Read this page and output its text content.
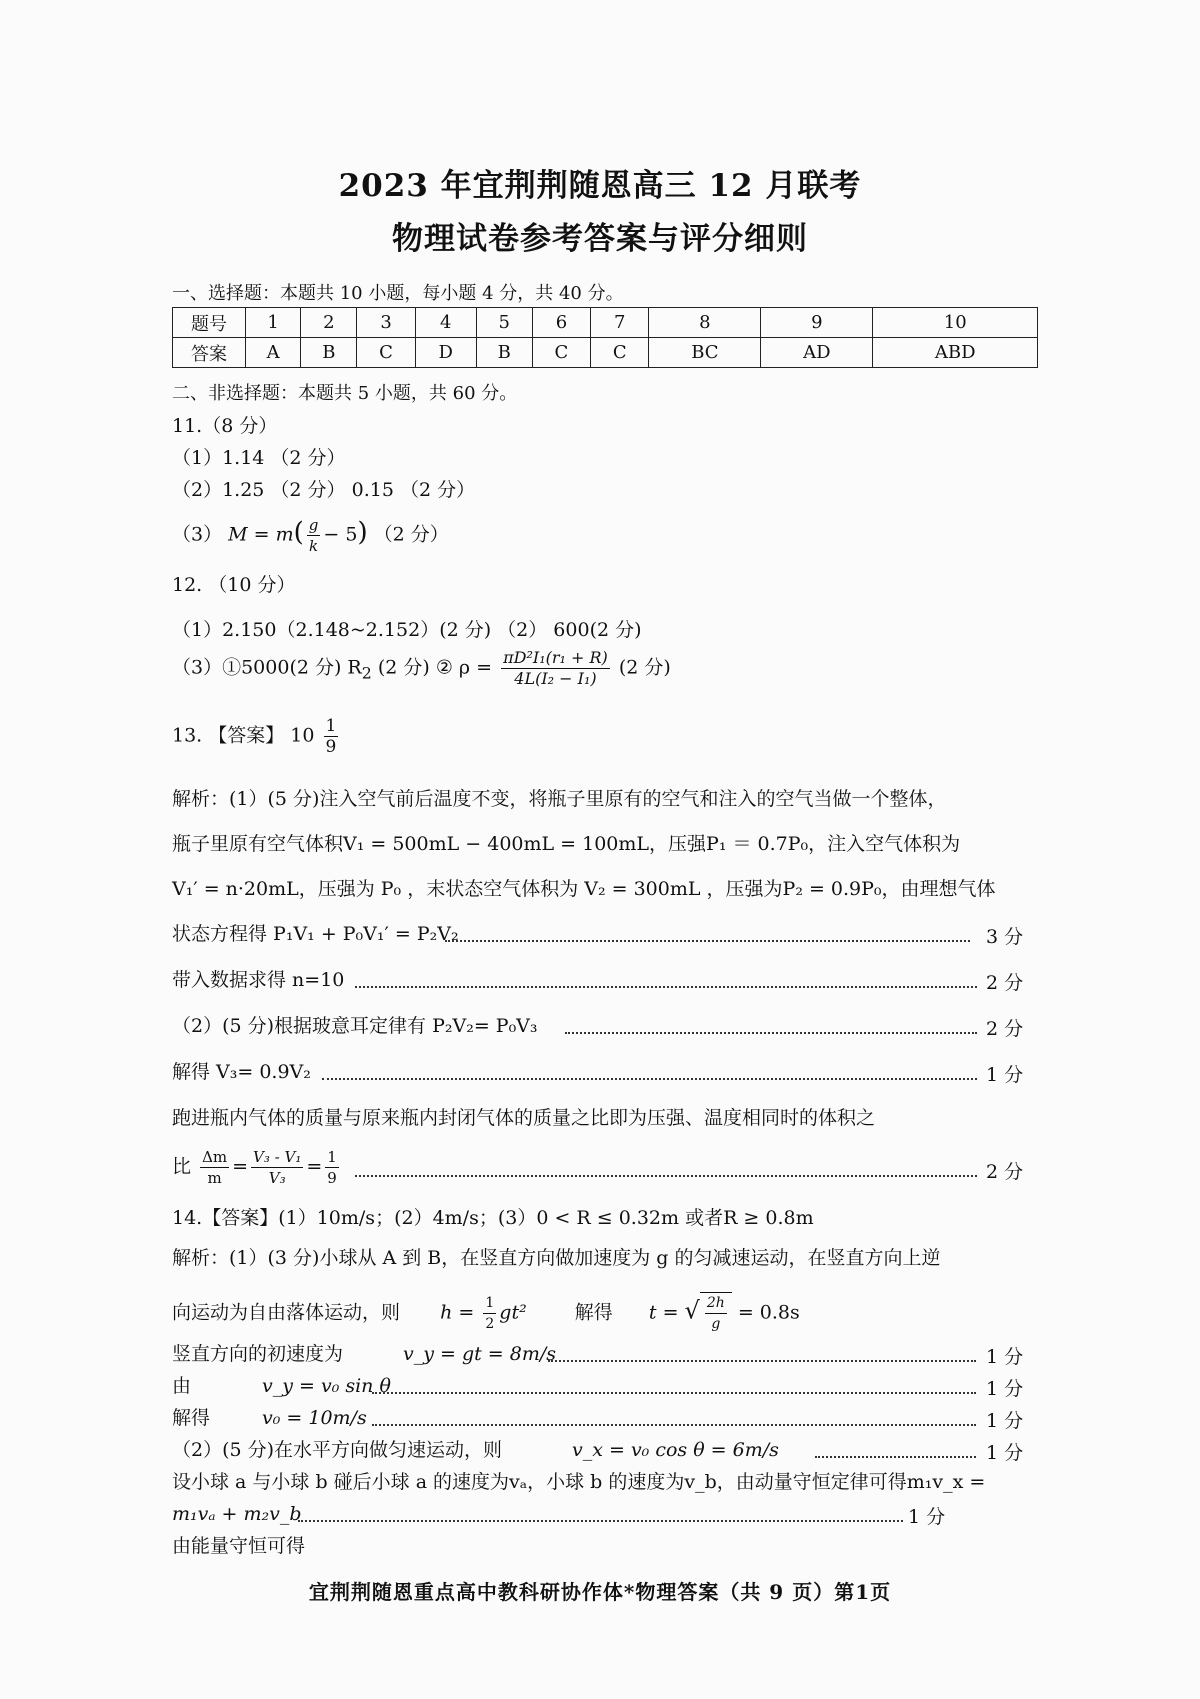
2023 年宜荆荆随恩高三 12 月联考
物理试卷参考答案与评分细则
一、选择题：本题共 10 小题，每小题 4 分，共 40 分。
题号	1	2	3	4	5	6	7	8	9	10
答案	A	B	C	D	B	C	C	BC	AD	ABD
二、非选择题：本题共 5 小题，共 60 分。
11.（8 分）
（1）1.14 （2 分）
（2）1.25 （2 分） 0.15 （2 分）
（3） $M = m( \frac{g}{k} - 5)$ （2 分）
12. （10 分）
（1）2.150（2.148~2.152）(2 分) （2） 600(2 分)
（3）①5000(2 分) $R_2$ (2 分) ② $\rho = \frac{\text{πD²I₁(r₁ + R)}}{\text{4L(I₂ − I₁)}} (2$ 分)
13. 【答案】 $10 \frac{1}{9}$
解析：(1）(5 分)注入空气前后温度不变，将瓶子里原有的空气和注入的空气当做一个整体，
瓶子里原有空气体积V₁ = 500mL − 400mL = 100mL，压强P₁ ＝ 0.7P₀，注入空气体积为
V₁′ = n·20mL，压强为 P₀ ，末状态空气体积为 V₂ = 300mL ，压强为P₂ = 0.9P₀，由理想气体
状态方程得 P₁V₁ + P₀V₁′ = P₂V₂	3 分
带入数据求得 n=10	2 分
（2）(5 分)根据玻意耳定律有 P₂V₂= P₀V₃	2 分
解得 V₃= 0.9V₂	1 分
跑进瓶内气体的质量与原来瓶内封闭气体的质量之比即为压强、温度相同时的体积之
比 $\frac{\Delta m}{m} = \frac{\text{V₃ - V₁}}{\text{V₃}} = \frac{1}{9}$	2 分
14.【答案】(1）10m/s；(2）4m/s；(3）0 < R ≤ 0.32m 或者R ≥ 0.8m
解析：(1）(3 分)小球从 A 到 B，在竖直方向做加速度为 g 的匀减速运动，在竖直方向上逆
向运动为自由落体运动，则 $h = \frac{1}{2} gt^2$	解得 t = √ $\frac{2h}{g} = 0.8s$
竖直方向的初速度为	v_y = gt = 8m/s	1 分
由	v_y = v₀ sin θ	1 分
解得	v₀ = 10m/s	1 分
（2）(5 分)在水平方向做匀速运动，则	v_x = v₀ cos θ = 6m/s	1 分
设小球 a 与小球 b 碰后小球 a 的速度为vₐ，小球 b 的速度为v_b，由动量守恒定律可得m₁v_x =
m₁vₐ + m₂v_b	1 分
由能量守恒可得
宜荆荆随恩重点高中教科研协作体*物理答案（共 9 页）第1页
